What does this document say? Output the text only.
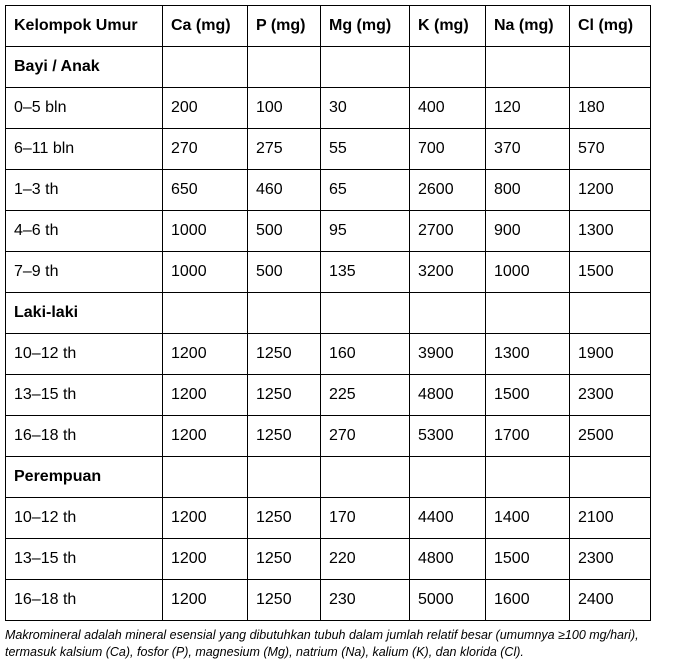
Kelompok Umur	Ca (mg)	P (mg)	Mg (mg)	K (mg)	Na (mg)	Cl (mg)
Bayi / Anak						
0–5 bln	200	100	30	400	120	180
6–11 bln	270	275	55	700	370	570
1–3 th	650	460	65	2600	800	1200
4–6 th	1000	500	95	2700	900	1300
7–9 th	1000	500	135	3200	1000	1500
Laki-laki						
10–12 th	1200	1250	160	3900	1300	1900
13–15 th	1200	1250	225	4800	1500	2300
16–18 th	1200	1250	270	5300	1700	2500
Perempuan						
10–12 th	1200	1250	170	4400	1400	2100
13–15 th	1200	1250	220	4800	1500	2300
16–18 th	1200	1250	230	5000	1600	2400
Makromineral adalah mineral esensial yang dibutuhkan tubuh dalam jumlah relatif besar (umumnya ≥100 mg/hari), termasuk kalsium (Ca), fosfor (P), magnesium (Mg), natrium (Na), kalium (K), dan klorida (Cl).
